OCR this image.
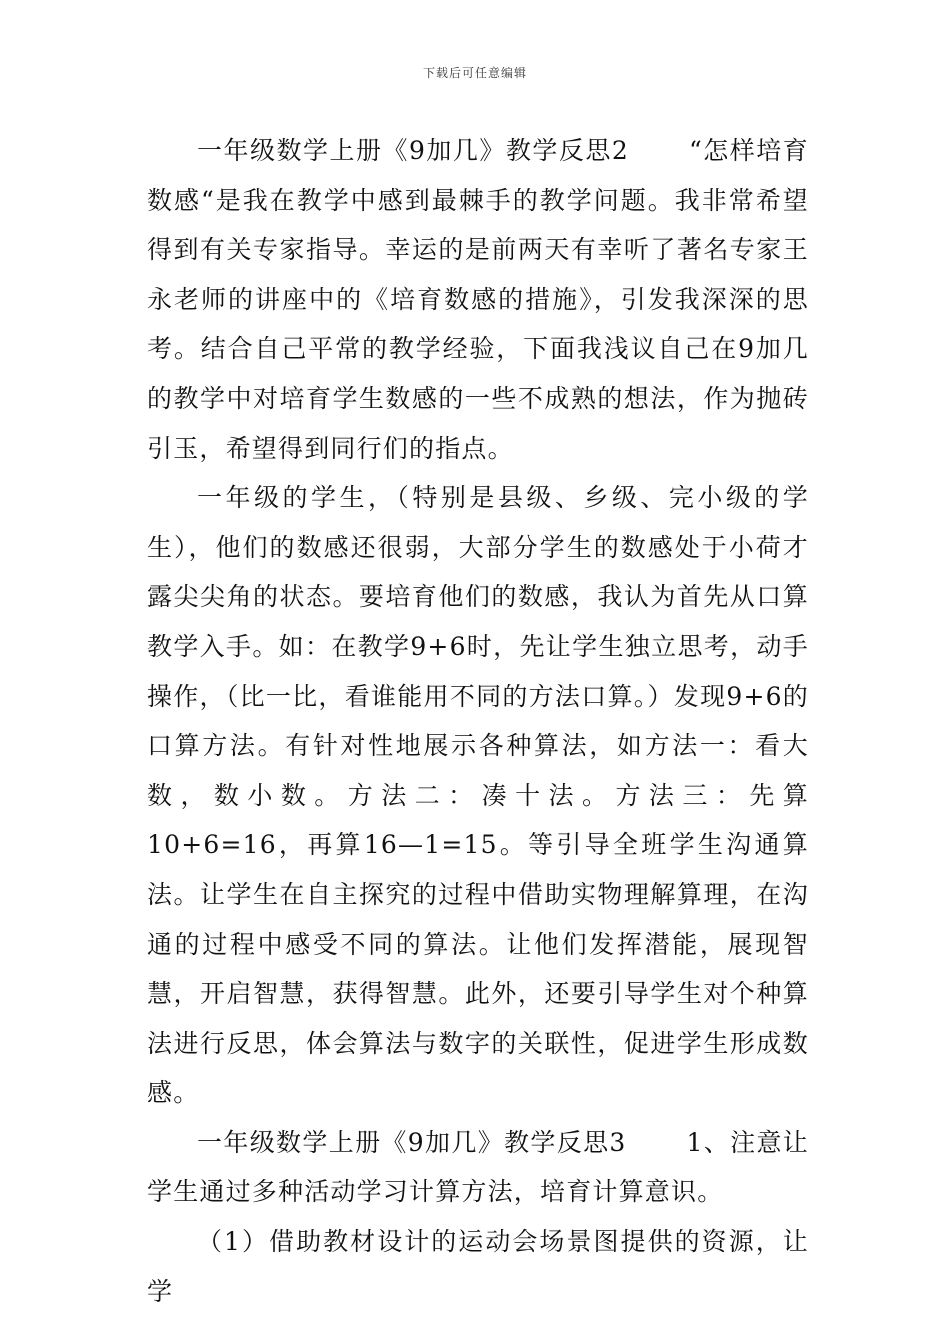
下载后可任意编辑

一年级数学上册《9加几》教学反思2 “怎样培育数感“是我在教学中感到最棘手的教学问题。我非常希望得到有关专家指导。幸运的是前两天有幸听了著名专家王永老师的讲座中的《培育数感的措施》，引发我深深的思考。结合自己平常的教学经验，下面我浅议自己在9加几的教学中对培育学生数感的一些不成熟的想法，作为抛砖引玉，希望得到同行们的指点。

一年级的学生，（特别是县级、乡级、完小级的学生），他们的数感还很弱，大部分学生的数感处于小荷才露尖尖角的状态。要培育他们的数感，我认为首先从口算教学入手。如：在教学9+6时，先让学生独立思考，动手操作，（比一比，看谁能用不同的方法口算。）发现9+6的口算方法。有针对性地展示各种算法，如方法一：看大数，数小数。方法二：凑十法。方法三：先算10+6=16，再算16—1=15。等引导全班学生沟通算法。让学生在自主探究的过程中借助实物理解算理，在沟通的过程中感受不同的算法。让他们发挥潜能，展现智慧，开启智慧，获得智慧。此外，还要引导学生对个种算法进行反思，体会算法与数字的关联性，促进学生形成数感。

一年级数学上册《9加几》教学反思3 1、注意让学生通过多种活动学习计算方法，培育计算意识。

（1）借助教材设计的运动会场景图提供的资源，让学
